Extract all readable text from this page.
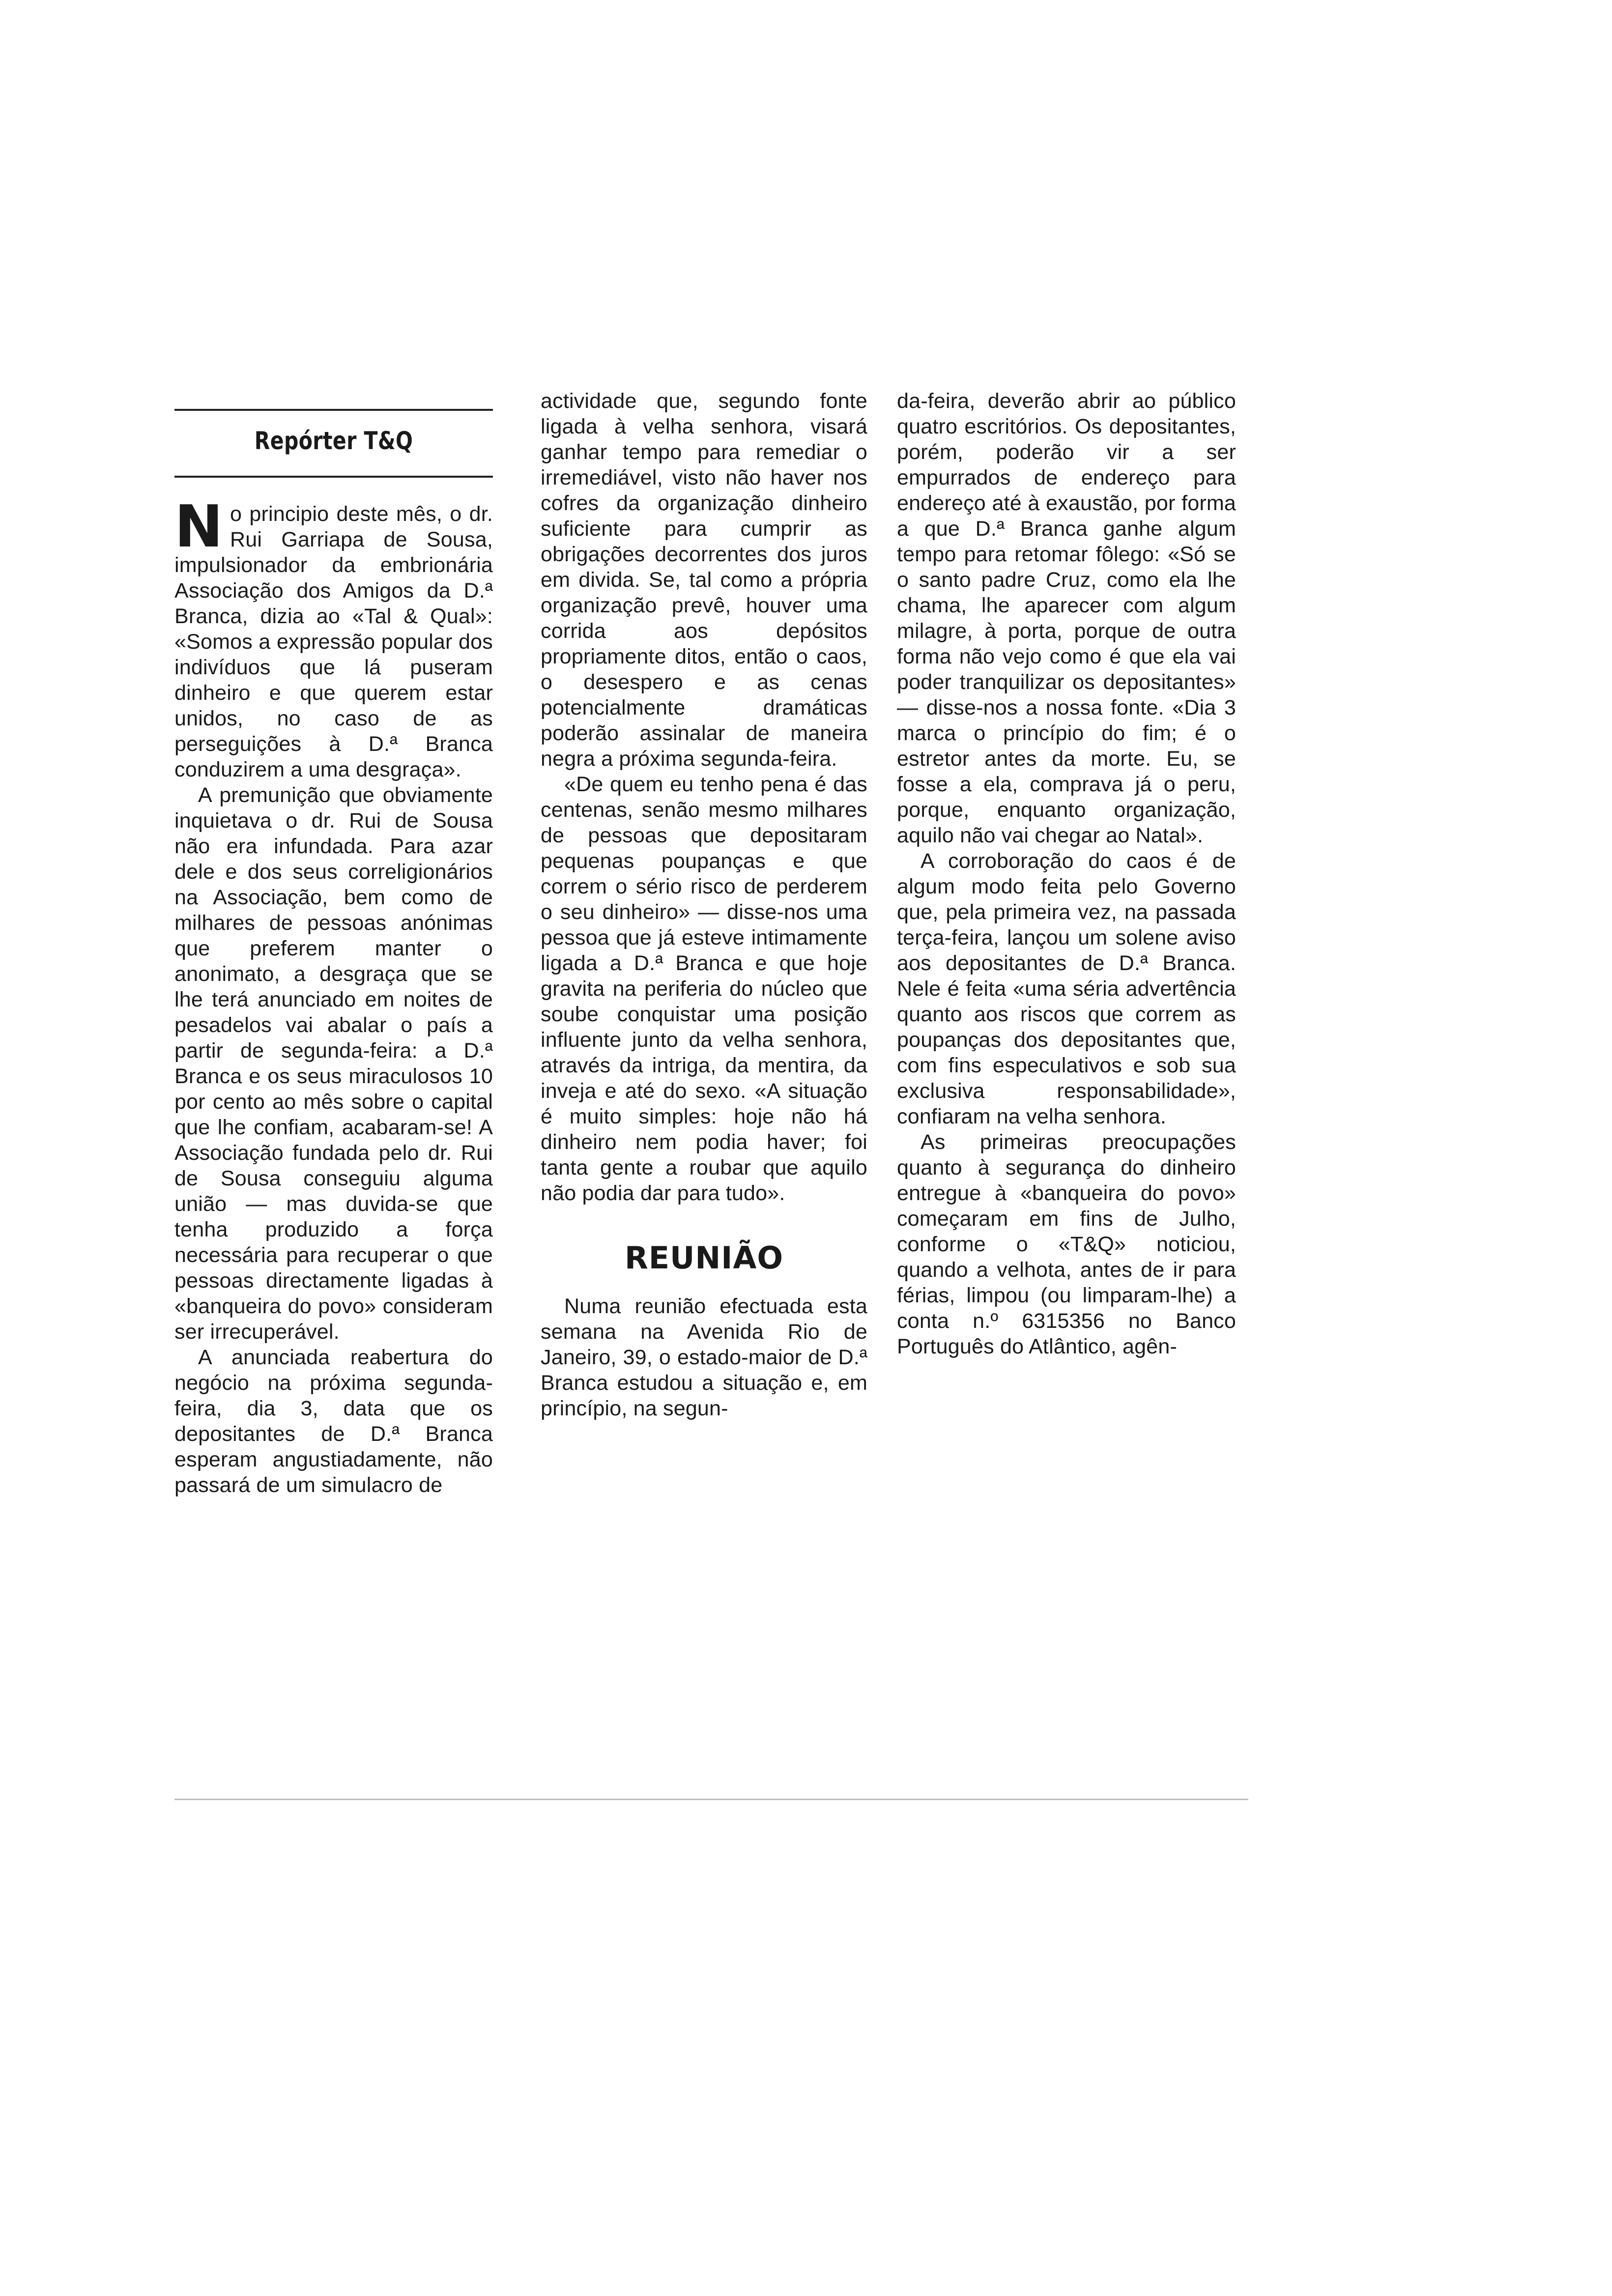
Repórter T&Q

No principio deste mês, o dr. Rui Garriapa de Sousa, impulsionador da embrionária Associação dos Amigos da D.ª Branca, dizia ao «Tal & Qual»: «Somos a expressão popular dos indivíduos que lá puseram dinheiro e que querem estar unidos, no caso de as perseguições à D.ª Branca conduzirem a uma desgraça».

A premunição que obviamente inquietava o dr. Rui de Sousa não era infundada. Para azar dele e dos seus correligionários na Associação, bem como de milhares de pessoas anónimas que preferem manter o anonimato, a desgraça que se lhe terá anunciado em noites de pesadelos vai abalar o país a partir de segunda-feira: a D.ª Branca e os seus miraculosos 10 por cento ao mês sobre o capital que lhe confiam, acabaram-se! A Associação fundada pelo dr. Rui de Sousa conseguiu alguma união — mas duvida-se que tenha produzido a força necessária para recuperar o que pessoas directamente ligadas à «banqueira do povo» consideram ser irrecuperável.

A anunciada reabertura do negócio na próxima segunda-feira, dia 3, data que os depositantes de D.ª Branca esperam angustiadamente, não passará de um simulacro de

actividade que, segundo fonte ligada à velha senhora, visará ganhar tempo para remediar o irremediável, visto não haver nos cofres da organização dinheiro suficiente para cumprir as obrigações decorrentes dos juros em divida. Se, tal como a própria organização prevê, houver uma corrida aos depósitos propriamente ditos, então o caos, o desespero e as cenas potencialmente dramáticas poderão assinalar de maneira negra a próxima segunda-feira.

«De quem eu tenho pena é das centenas, senão mesmo milhares de pessoas que depositaram pequenas poupanças e que correm o sério risco de perderem o seu dinheiro» — disse-nos uma pessoa que já esteve intimamente ligada a D.ª Branca e que hoje gravita na periferia do núcleo que soube conquistar uma posição influente junto da velha senhora, através da intriga, da mentira, da inveja e até do sexo. «A situação é muito simples: hoje não há dinheiro nem podia haver; foi tanta gente a roubar que aquilo não podia dar para tudo».

REUNIÃO

Numa reunião efectuada esta semana na Avenida Rio de Janeiro, 39, o estado-maior de D.ª Branca estudou a situação e, em princípio, na segun-

da-feira, deverão abrir ao público quatro escritórios. Os depositantes, porém, poderão vir a ser empurrados de endereço para endereço até à exaustão, por forma a que D.ª Branca ganhe algum tempo para retomar fôlego: «Só se o santo padre Cruz, como ela lhe chama, lhe aparecer com algum milagre, à porta, porque de outra forma não vejo como é que ela vai poder tranquilizar os depositantes» — disse-nos a nossa fonte. «Dia 3 marca o princípio do fim; é o estretor antes da morte. Eu, se fosse a ela, comprava já o peru, porque, enquanto organização, aquilo não vai chegar ao Natal».

A corroboração do caos é de algum modo feita pelo Governo que, pela primeira vez, na passada terça-feira, lançou um solene aviso aos depositantes de D.ª Branca. Nele é feita «uma séria advertência quanto aos riscos que correm as poupanças dos depositantes que, com fins especulativos e sob sua exclusiva responsabilidade», confiaram na velha senhora.

As primeiras preocupações quanto à segurança do dinheiro entregue à «banqueira do povo» começaram em fins de Julho, conforme o «T&Q» noticiou, quando a velhota, antes de ir para férias, limpou (ou limparam-lhe) a conta n.º 6315356 no Banco Português do Atlântico, agên-
